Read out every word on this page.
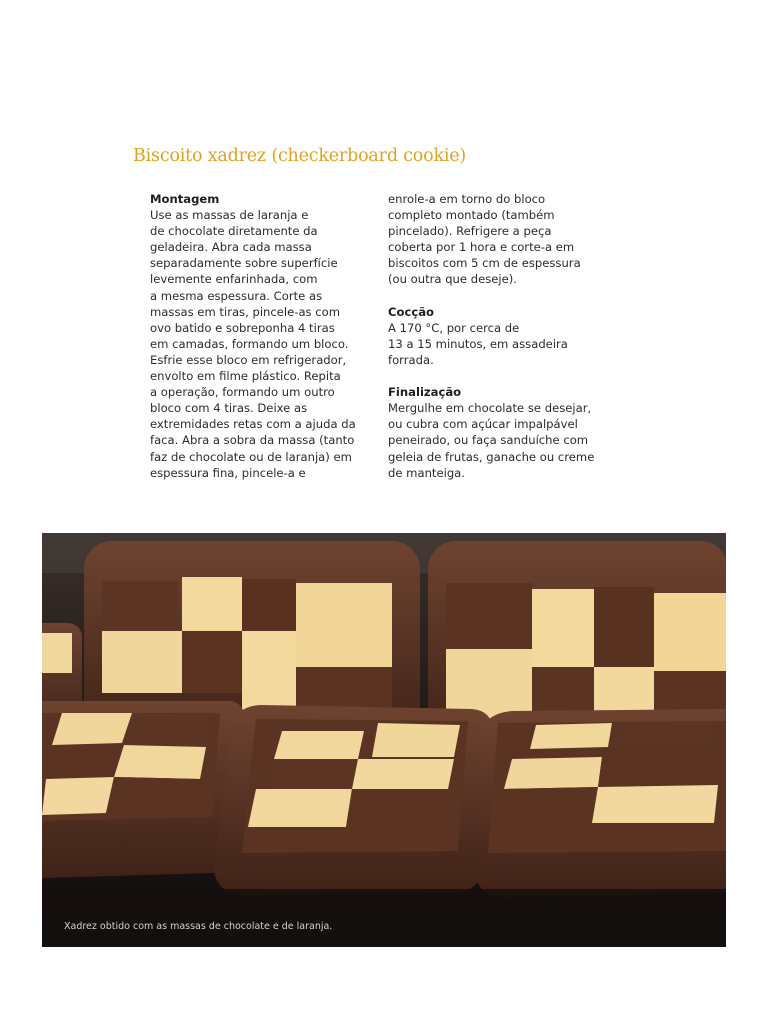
Biscoito xadrez (checkerboard cookie)
Montagem
Use as massas de laranja e
de chocolate diretamente da
geladeira. Abra cada massa
separadamente sobre superfície
levemente enfarinhada, com
a mesma espessura. Corte as
massas em tiras, pincele-as com
ovo batido e sobreponha 4 tiras
em camadas, formando um bloco.
Esfrie esse bloco em refrigerador,
envolto em filme plástico. Repita
a operação, formando um outro
bloco com 4 tiras. Deixe as
extremidades retas com a ajuda da
faca. Abra a sobra da massa (tanto
faz de chocolate ou de laranja) em
espessura fina, pincele-a e
enrole-a em torno do bloco
completo montado (também
pincelado). Refrigere a peça
coberta por 1 hora e corte-a em
biscoitos com 5 cm de espessura
(ou outra que deseje).
Cocção
A 170 °C, por cerca de
13 a 15 minutos, em assadeira
forrada.
Finalização
Mergulhe em chocolate se desejar,
ou cubra com açúcar impalpável
peneirado, ou faça sanduíche com
geleia de frutas, ganache ou creme
de manteiga.
Xadrez obtido com as massas de chocolate e de laranja.
